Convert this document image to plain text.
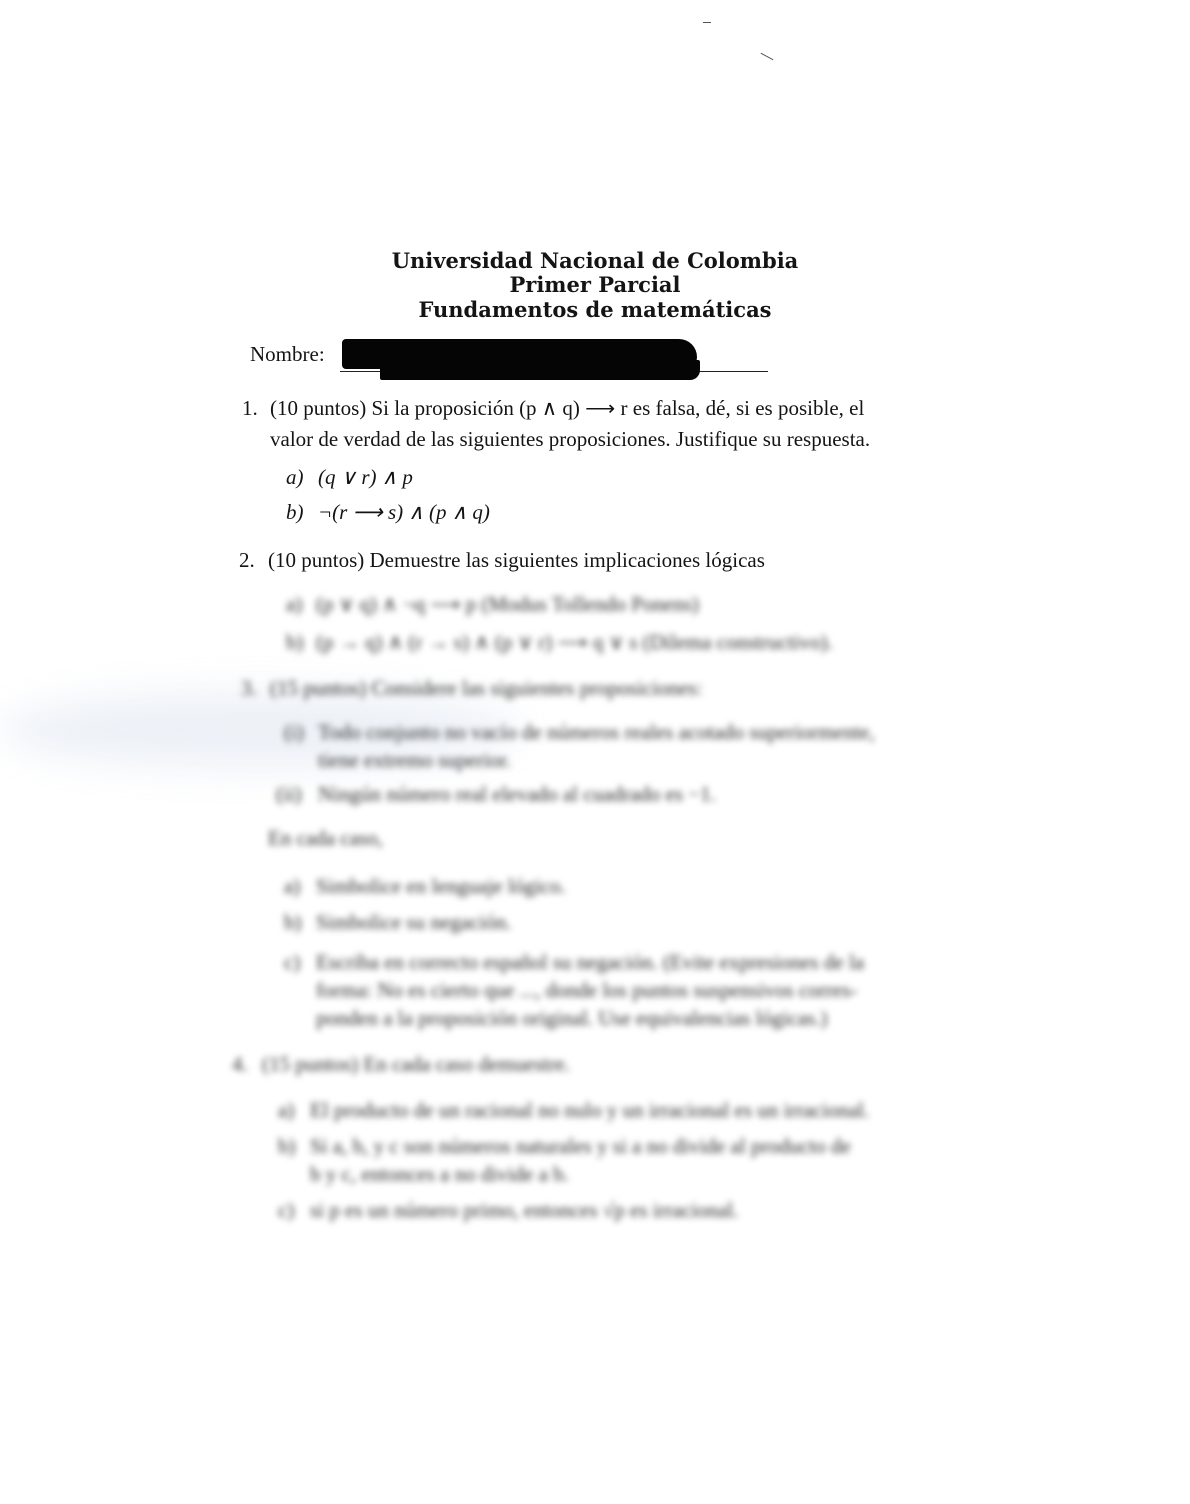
Universidad Nacional de Colombia
Primer Parcial
Fundamentos de matemáticas
Nombre:
1. (10 puntos) Si la proposición (p ∧ q) ⟶ r es falsa, dé, si es posible, el
valor de verdad de las siguientes proposiciones. Justifique su respuesta.
a) (q ∨ r) ∧ p
b) ¬(r ⟶ s) ∧ (p ∧ q)
2. (10 puntos) Demuestre las siguientes implicaciones lógicas
a) (p ∨ q) ∧ ¬q ⟶ p (Modus Tollendo Ponens)
b) (p → q) ∧ (r → s) ∧ (p ∨ r) ⟶ q ∨ s (Dilema constructivo).
3. (15 puntos) Considere las siguientes proposiciones:
(i) Todo conjunto no vacío de números reales acotado superiormente,
tiene extremo superior.
(ii) Ningún número real elevado al cuadrado es −1.
En cada caso,
a) Simbolice en lenguaje lógico.
b) Simbolice su negación.
c) Escriba en correcto español su negación. (Evite expresiones de la
forma: No es cierto que ..., donde los puntos suspensivos corres-
ponden a la proposición original. Use equivalencias lógicas.)
4. (15 puntos) En cada caso demuestre.
a) El producto de un racional no nulo y un irracional es un irracional.
b) Si a, b, y c son números naturales y si a no divide al producto de
b y c, entonces a no divide a b.
c) si p es un número primo, entonces √p es irracional.
